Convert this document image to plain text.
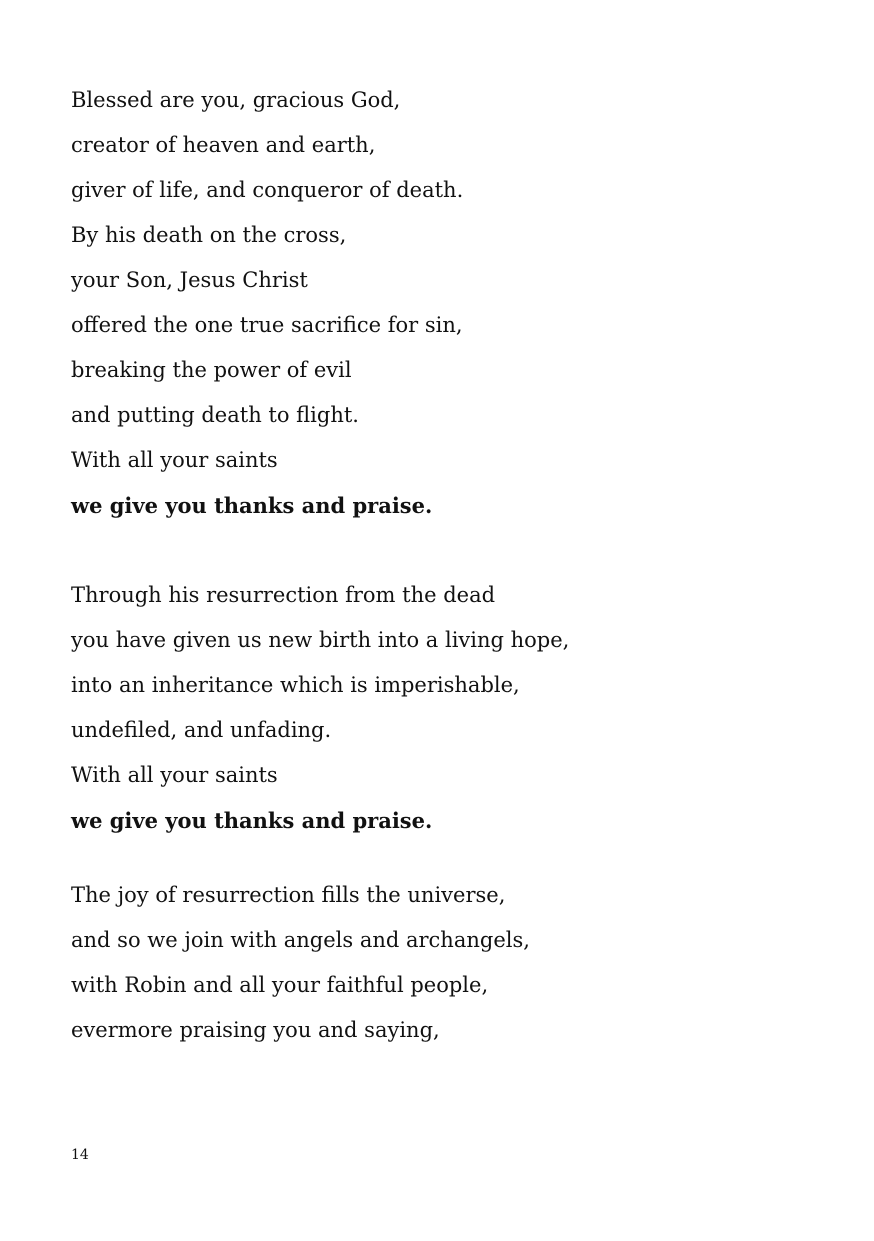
Blessed are you, gracious God,
creator of heaven and earth,
giver of life, and conqueror of death.
By his death on the cross,
your Son, Jesus Christ
offered the one true sacrifice for sin,
breaking the power of evil
and putting death to flight.
With all your saints
we give you thanks and praise.
Through his resurrection from the dead
you have given us new birth into a living hope,
into an inheritance which is imperishable,
undefiled, and unfading.
With all your saints
we give you thanks and praise.
The joy of resurrection fills the universe,
and so we join with angels and archangels,
with Robin and all your faithful people,
evermore praising you and saying,
14
